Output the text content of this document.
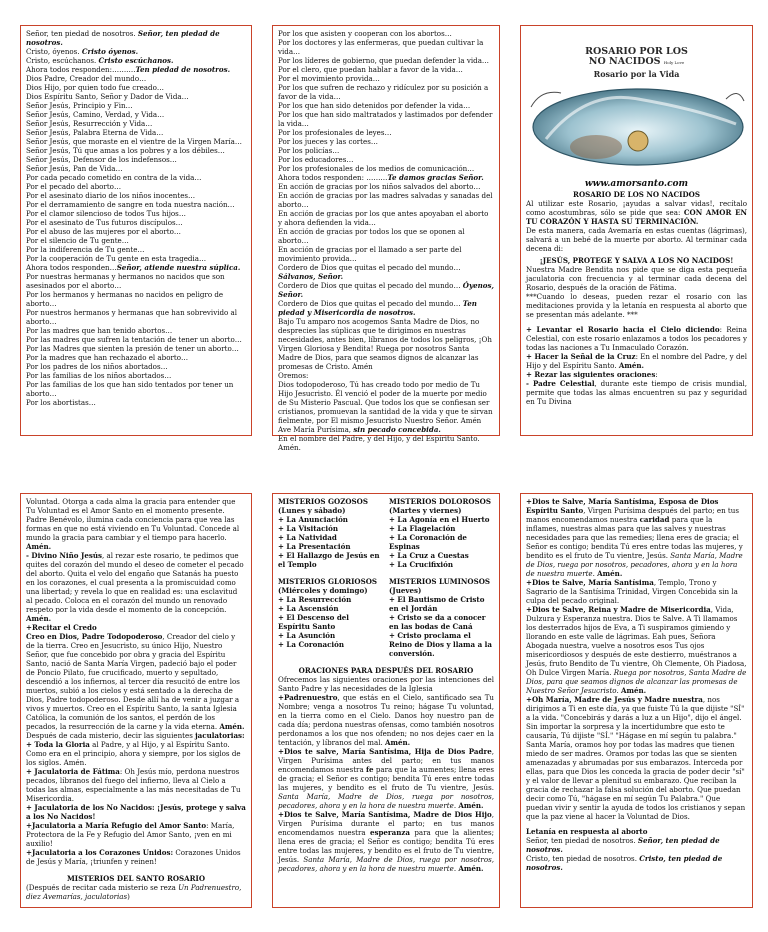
Señor, ten piedad de nosotros. Señor, ten piedad de nosotros.
Cristo, óyenos. Cristo óyenos.
Cristo, escúchanos. Cristo escúchanos.
Ahora todos responden:……….Ten piedad de nosotros.
Dios Padre, Creador del mundo…
Dios Hijo, por quien todo fue creado…
Dios Espíritu Santo, Señor y Dador de Vida…
Señor Jesús, Principio y Fin…
Señor Jesús, Camino, Verdad, y Vida…
Señor Jesús, Resurrección y Vida…
Señor Jesús, Palabra Eterna de Vida…
Señor Jesús, que moraste en el vientre de la Virgen María…
Señor Jesús, Tú que amas a los pobres y a los débiles…
Señor Jesús, Defensor de los indefensos…
Señor Jesús, Pan de Vida…
Por cada pecado cometido en contra de la vida…
Por el pecado del aborto…
Por el asesinato diario de los niños inocentes…
Por el derramamiento de sangre en toda nuestra nación…
Por el clamor silencioso de todos Tus hijos…
Por el asesinato de Tus futuros discípulos…
Por el abuso de las mujeres por el aborto…
Por el silencio de Tu gente…
Por la indiferencia de Tu gente…
Por la cooperación de Tu gente en esta tragedia…
Ahora todos responden…Señor, atiende nuestra súplica.
Por nuestras hermanas y hermanos no nacidos que son asesinados por el aborto…
Por los hermanos y hermanas no nacidos en peligro de aborto…
Por nuestros hermanos y hermanas que han sobrevivido al aborto…
Por las madres que han tenido abortos…
Por las madres que sufren la tentación de tener un aborto…
Por las Madres que sienten la presión de tener un aborto…
Por la madres que han rechazado el aborto…
Por los padres de los niños abortados…
Por las familias de los niños abortados…
Por las familias de los que han sido tentados por tener un aborto…
Por los abortistas…
Por los que asisten y cooperan con los abortos…
Por los doctores y las enfermeras, que puedan cultivar la vida…
Por los líderes de gobierno, que puedan defender la vida…
Por el clero, que puedan hablar a favor de la vida…
Por el movimiento provida…
Por los que sufren de rechazo y ridículez por su posición a favor de la vida…
Por los que han sido detenidos por defender la vida…
Por los que han sido maltratados y lastimados por defender la vida…
Por los profesionales de leyes…
Por los jueces y las cortes…
Por los policías…
Por los educadores…
Por los profesionales de los medios de comunicación…
Ahora todos responden: ………Te damos gracias Señor.
En acción de gracias por los niños salvados del aborto…
En acción de gracias por las madres salvadas y sanadas del aborto…
En acción de gracias por los que antes apoyaban el aborto y ahora defienden la vida…
En acción de gracias por todos los que se oponen al aborto…
En acción de gracias por el llamado a ser parte del movimiento provida…
Cordero de Dios que quitas el pecado del mundo… Sálvanos, Señor.
Cordero de Dios que quitas el pecado del mundo… Óyenos, Señor.
Cordero de Dios que quitas el pecado del mundo… Ten piedad y Misericordia de nosotros.
Bajo Tu amparo nos acogemos Santa Madre de Dios, no desprecies las súplicas que te dirigimos en nuestras necesidades, antes bien, líbranos de todos los peligros, ¡Oh Virgen Gloriosa y Bendita! Ruega por nosotros Santa Madre de Dios, para que seamos dignos de alcanzar las promesas de Cristo. Amén
Oremos:
Dios todopoderoso, Tú has creado todo por medio de Tu Hijo Jesucristo. Él venció el poder de la muerte por medio de Su Misterio Pascual. Que todos los que se confiesan ser cristianos, promuevan la santidad de la vida y que te sirvan fielmente, por El mismo Jesucristo Nuestro Señor. Amén
Ave María Purísima, sin pecado concebida.
En el nombre del Padre, y del Hijo, y del Espíritu Santo. Amén.
ROSARIO POR LOS
NO NACIDOS Holy Love
Rosario por la Vida
www.amorsanto.com
ROSARIO DE LOS NO NACIDOS

Al utilizar este Rosario, ¡ayudas a salvar vidas!, recítalo como acostumbras, sólo se pide que sea: CON AMOR EN TU CORAZÓN Y HASTA SU TERMINACIÓN.

De esta manera, cada Avemaría en estas cuentas (lágrimas), salvará a un bebé de la muerte por aborto. Al terminar cada decena di:

¡JESÚS, PROTEGE Y SALVA A LOS NO NACIDOS!

Nuestra Madre Bendita nos pide que se diga esta pequeña jaculatoria con frecuencia y al terminar cada decena del Rosario, después de la oración de Fátima.

***Cuando lo deseas, pueden rezar el rosario con las meditaciones provida y la letanía en respuesta al aborto que se presentan más adelante. ***

+ Levantar el Rosario hacia el Cielo diciendo: Reina Celestial, con este rosario enlazamos a todos los pecadores y todas las naciones a Tu Inmaculado Corazón.

+ Hacer la Señal de la Cruz: En el nombre del Padre, y del Hijo y del Espíritu Santo. Amén.

+ Rezar las siguientes oraciones:

- Padre Celestial, durante este tiempo de crisis mundial, permite que todas las almas encuentren su paz y seguridad en Tu Divina

Voluntad. Otorga a cada alma la gracia para entender que Tu Voluntad es el Amor Santo en el momento presente. Padre Benévolo, ilumina cada conciencia para que vea las formas en que no está viviendo en Tu Voluntad. Concede al mundo la gracia para cambiar y el tiempo para hacerlo. Amén.

- Divino Niño Jesús, al rezar este rosario, te pedimos que quites del corazón del mundo el deseo de cometer el pecado del aborto. Quita el velo del engaño que Satanás ha puesto en los corazones, el cual presenta a la promiscuidad como una libertad; y revela lo que en realidad es: una esclavitud al pecado. Coloca en el corazón del mundo un renovado respeto por la vida desde el momento de la concepción. Amén.

+Recitar el Credo

Creo en Dios, Padre Todopoderoso, Creador del cielo y de la tierra. Creo en Jesucristo, su único Hijo, Nuestro Señor, que fue concebido por obra y gracia del Espíritu Santo, nació de Santa María Virgen, padeció bajo el poder de Poncio Pilato, fue crucificado, muerto y sepultado, descendió a los infiernos, al tercer día resucitó de entre los muertos, subió a los cielos y está sentado a la derecha de Dios, Padre todopoderoso. Desde allí ha de venir a juzgar a vivos y muertos. Creo en el Espíritu Santo, la santa Iglesia Católica, la comunión de los santos, el perdón de los pecados, la resurrección de la carne y la vida eterna. Amén.

Después de cada misterio, decir las siguientes jaculatorias:

+ Toda la Gloria al Padre, y al Hijo, y al Espíritu Santo. Como era en el principio, ahora y siempre, por los siglos de los siglos. Amén.

+ Jaculatoria de Fátima: Oh Jesús mío, perdona nuestros pecados, líbranos del fuego del infierno, lleva al Cielo a todas las almas, especialmente a las más necesitadas de Tu Misericordia.

+ Jaculatoria de los No Nacidos: ¡Jesús, protege y salva a los No Nacidos!

+Jaculatoria a María Refugio del Amor Santo: María, Protectora de la Fe y Refugio del Amor Santo, ¡ven en mi auxilio!

+Jaculatoria a los Corazones Unidos: Corazones Unidos de Jesús y María, ¡triunfen y reinen!

MISTERIOS DEL SANTO ROSARIO

(Después de recitar cada misterio se reza Un Padrenuestro, diez Avemarías, jaculatorias)

MISTERIOS GOZOSOS
(Lunes y sábado)
+ La Anunciación
+ La Visitación
+ La Natividad
+ La Presentación
+ El Hallazgo de Jesús en el Templo
MISTERIOS DOLOROSOS
(Martes y viernes)
+ La Agonía en el Huerto
+ La Flagelación
+ La Coronación de Espinas
+ La Cruz a Cuestas
+ La Crucifixión
MISTERIOS GLORIOSOS
(Miércoles y domingo)
+ La Resurrección
+ La Ascensión
+ El Descenso del Espíritu Santo
+ La Asunción
+ La Coronación
MISTERIOS LUMINOSOS
(Jueves)
+ El Bautismo de Cristo en el Jordán
+ Cristo se da a conocer en las bodas de Caná
+ Cristo proclama el Reino de Dios y llama a la conversión.

ORACIONES PARA DESPUÉS DEL ROSARIO

Ofrecemos las siguientes oraciones por las intenciones del Santo Padre y las necesidades de la Iglesia

+Padrenuestro, que estás en el Cielo, santificado sea Tu Nombre; venga a nosotros Tu reino; hágase Tu voluntad, en la tierra como en el Cielo. Danos hoy nuestro pan de cada día; perdona nuestras ofensas, como también nosotros perdonamos a los que nos ofenden; no nos dejes caer en la tentación, y líbranos del mal. Amén.

+Dios te salve, María Santísima, Hija de Dios Padre, Virgen Purísima antes del parto; en tus manos encomendamos nuestra fe para que la aumentes; llena eres de gracia; el Señor es contigo; bendita Tú eres entre todas las mujeres, y bendito es el fruto de Tu vientre, Jesús. Santa María, Madre de Dios, ruega por nosotros, pecadores, ahora y en la hora de nuestra muerte. Amén.

+Dios te Salve, María Santísima, Madre de Dios Hijo, Virgen Purísima durante el parto; en tus manos encomendamos nuestra esperanza para que la alientes; llena eres de gracia; el Señor es contigo; bendita Tú eres entre todas las mujeres, y bendito es el fruto de Tu vientre, Jesús. Santa María, Madre de Dios, ruega por nosotros, pecadores, ahora y en la hora de nuestra muerte. Amén.

+Dios te Salve, María Santísima, Esposa de Dios Espíritu Santo, Virgen Purísima después del parto; en tus manos encomendamos nuestra caridad para que la inflames, nuestras almas para que las salves y nuestras necesidades para que las remedies; llena eres de gracia; el Señor es contigo; bendita Tú eres entre todas las mujeres, y bendito es el fruto de Tu vientre, Jesús. Santa María, Madre de Dios, ruega por nosotros, pecadores, ahora y en la hora de nuestra muerte. Amén.

+Dios te Salve, María Santísima, Templo, Trono y Sagrario de la Santísima Trinidad, Virgen Concebida sin la culpa del pecado original.

+Dios te Salve, Reina y Madre de Misericordia, Vida, Dulzura y Esperanza nuestra. Dios te Salve. A Ti llamamos los desterrados hijos de Eva, a Ti suspiramos gimiendo y llorando en este valle de lágrimas. Eah pues, Señora Abogada nuestra, vuelve a nosotros esos Tus ojos misericordiosos y después de este destierro, muéstranos a Jesús, fruto Bendito de Tu vientre, Oh Clemente, Oh Piadosa, Oh Dulce Virgen María. Ruega por nosotros, Santa Madre de Dios, para que seamos dignos de alcanzar las promesas de Nuestro Señor Jesucristo. Amén.

+Oh María, Madre de Jesús y Madre nuestra, nos dirigimos a Ti en este día, ya que fuiste Tú la que dijiste "SÍ" a la vida. "Concebirás y darás a luz a un Hijo", dijo el ángel. Sin importar la sorpresa y la incertidumbre que esto te causaría, Tú dijiste "SÍ." "Hágase en mí según tu palabra." Santa María, oramos hoy por todas las madres que tienen miedo de ser madres. Oramos por todas las que se sienten amenazadas y abrumadas por sus embarazos. Interceda por ellas, para que Dios les conceda la gracia de poder decir "sí" y el valor de llevar a plenitud su embarazo. Que reciban la gracia de rechazar la falsa solución del aborto. Que puedan decir como Tú, "hágase en mí según Tu Palabra." Que puedan vivir y sentir la ayuda de todos los cristianos y sepan que la paz viene al hacer la Voluntad de Dios.

Letanía en respuesta al aborto

Señor, ten piedad de nosotros. Señor, ten piedad de nosotros.

Cristo, ten piedad de nosotros. Cristo, ten piedad de nosotros.
